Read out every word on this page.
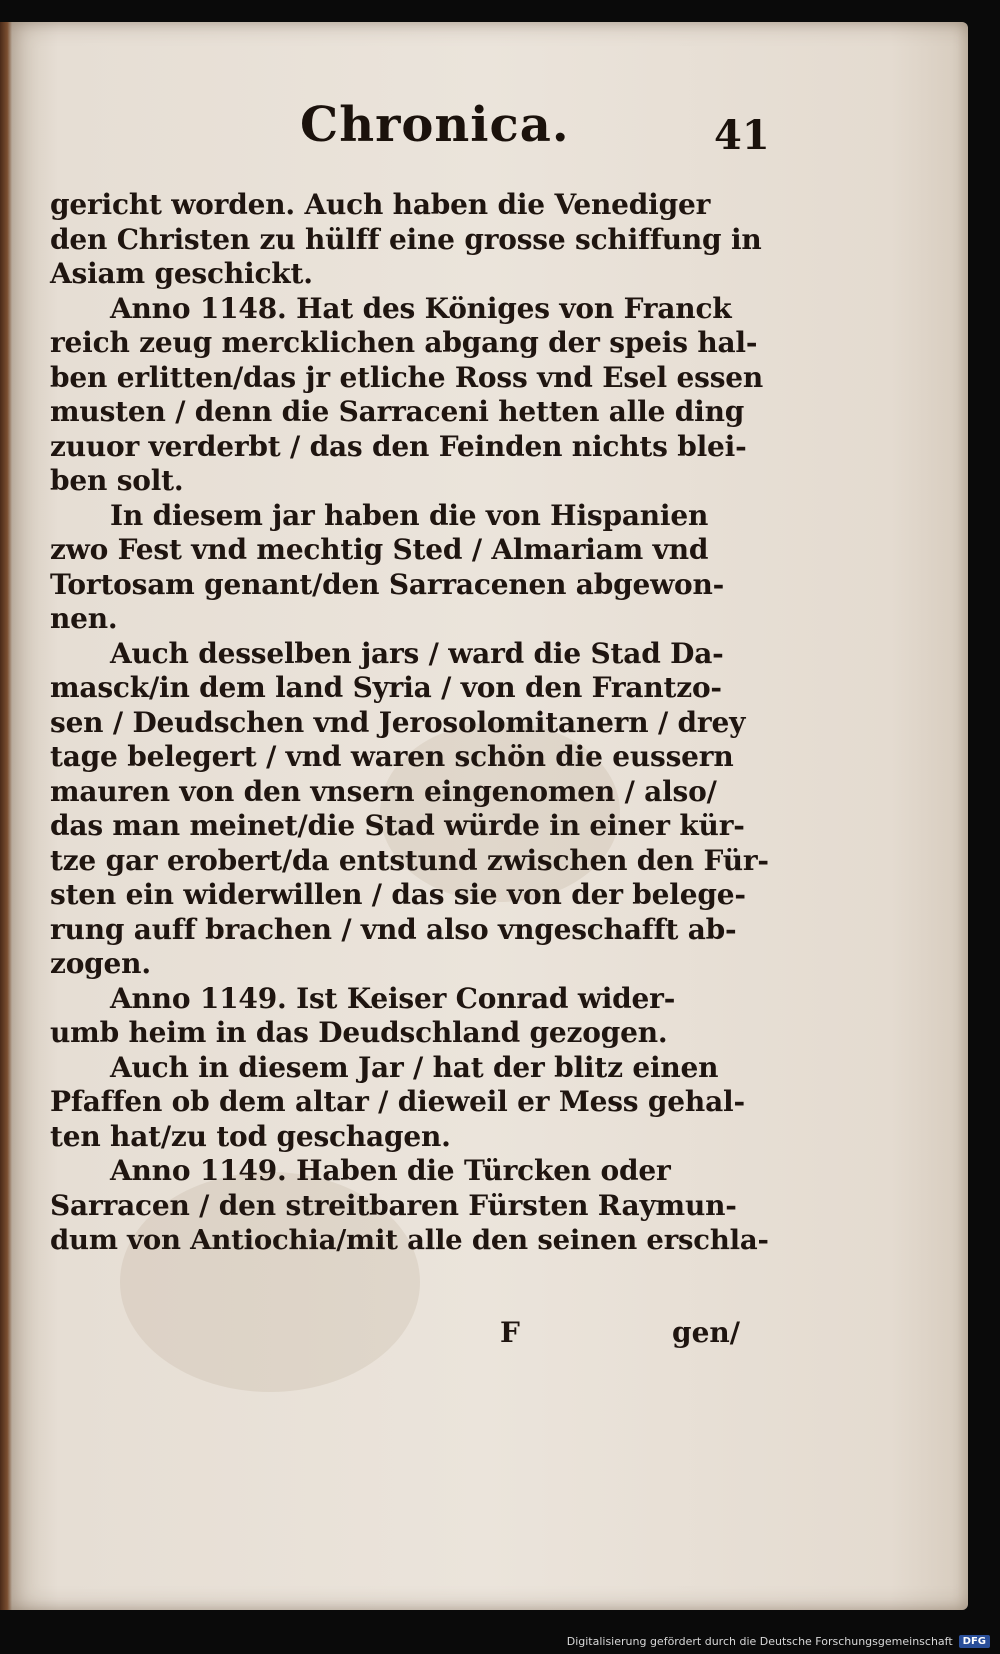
Chronica.	41
gericht worden. Auch haben die Venediger
den Christen zu hülff eine grosse schiffung in
Asiam geschickt.
Anno 1148. Hat des Königes von Franck
reich zeug mercklichen abgang der speis hal-
ben erlitten/das jr etliche Ross vnd Esel essen
musten / denn die Sarraceni hetten alle ding
zuuor verderbt / das den Feinden nichts blei-
ben solt.
In diesem jar haben die von Hispanien
zwo Fest vnd mechtig Sted / Almariam vnd
Tortosam genant/den Sarracenen abgewon-
nen.
Auch desselben jars / ward die Stad Da-
masck/in dem land Syria / von den Frantzo-
sen / Deudschen vnd Jerosolomitanern / drey
tage belegert / vnd waren schön die eussern
mauren von den vnsern eingenomen / also/
das man meinet/die Stad würde in einer kür-
tze gar erobert/da entstund zwischen den Für-
sten ein widerwillen / das sie von der belege-
rung auff brachen / vnd also vngeschafft ab-
zogen.
Anno 1149. Ist Keiser Conrad wider-
umb heim in das Deudschland gezogen.
Auch in diesem Jar / hat der blitz einen
Pfaffen ob dem altar / dieweil er Mess gehal-
ten hat/zu tod geschagen.
Anno 1149. Haben die Türcken oder
Sarracen / den streitbaren Fürsten Raymun-
dum von Antiochia/mit alle den seinen erschla-
F	gen/
Digitalisierung gefördert durch die Deutsche Forschungsgemeinschaft	DFG
